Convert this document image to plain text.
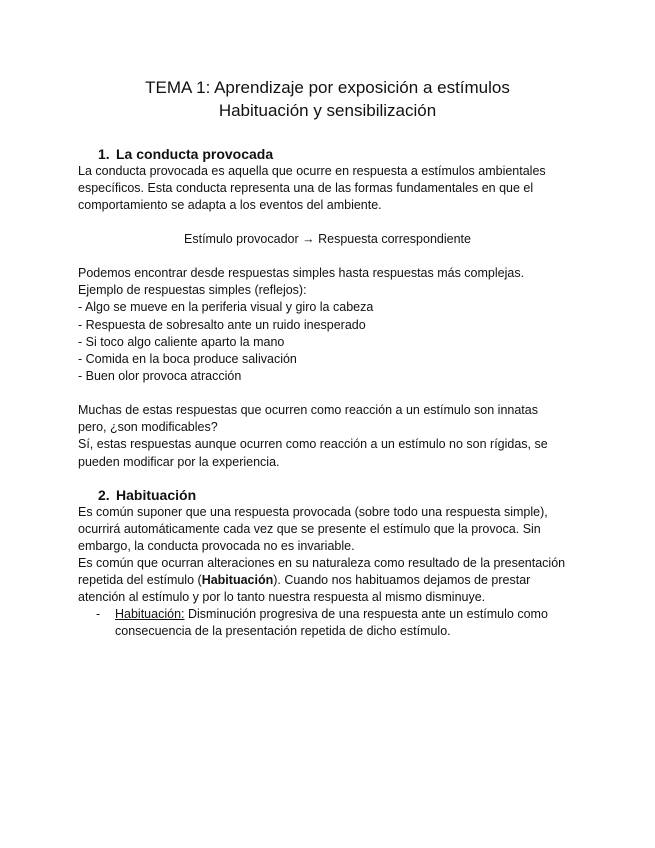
TEMA 1: Aprendizaje por exposición a estímulos
Habituación y sensibilización
1. La conducta provocada

La conducta provocada es aquella que ocurre en respuesta a estímulos ambientales
específicos. Esta conducta representa una de las formas fundamentales en que el
comportamiento se adapta a los eventos del ambiente.

Estímulo provocador → Respuesta correspondiente

Podemos encontrar desde respuestas simples hasta respuestas más complejas.
Ejemplo de respuestas simples (reflejos):
- Algo se mueve en la periferia visual y giro la cabeza
- Respuesta de sobresalto ante un ruido inesperado
- Si toco algo caliente aparto la mano
- Comida en la boca produce salivación
- Buen olor provoca atracción

Muchas de estas respuestas que ocurren como reacción a un estímulo son innatas
pero, ¿son modificables?
Sí, estas respuestas aunque ocurren como reacción a un estímulo no son rígidas, se
pueden modificar por la experiencia.

2. Habituación

Es común suponer que una respuesta provocada (sobre todo una respuesta simple),
ocurrirá automáticamente cada vez que se presente el estímulo que la provoca. Sin
embargo, la conducta provocada no es invariable.

Es común que ocurran alteraciones en su naturaleza como resultado de la presentación
repetida del estímulo (Habituación). Cuando nos habituamos dejamos de prestar
atención al estímulo y por lo tanto nuestra respuesta al mismo disminuye.

- Habituación: Disminución progresiva de una respuesta ante un estímulo como
consecuencia de la presentación repetida de dicho estímulo.
